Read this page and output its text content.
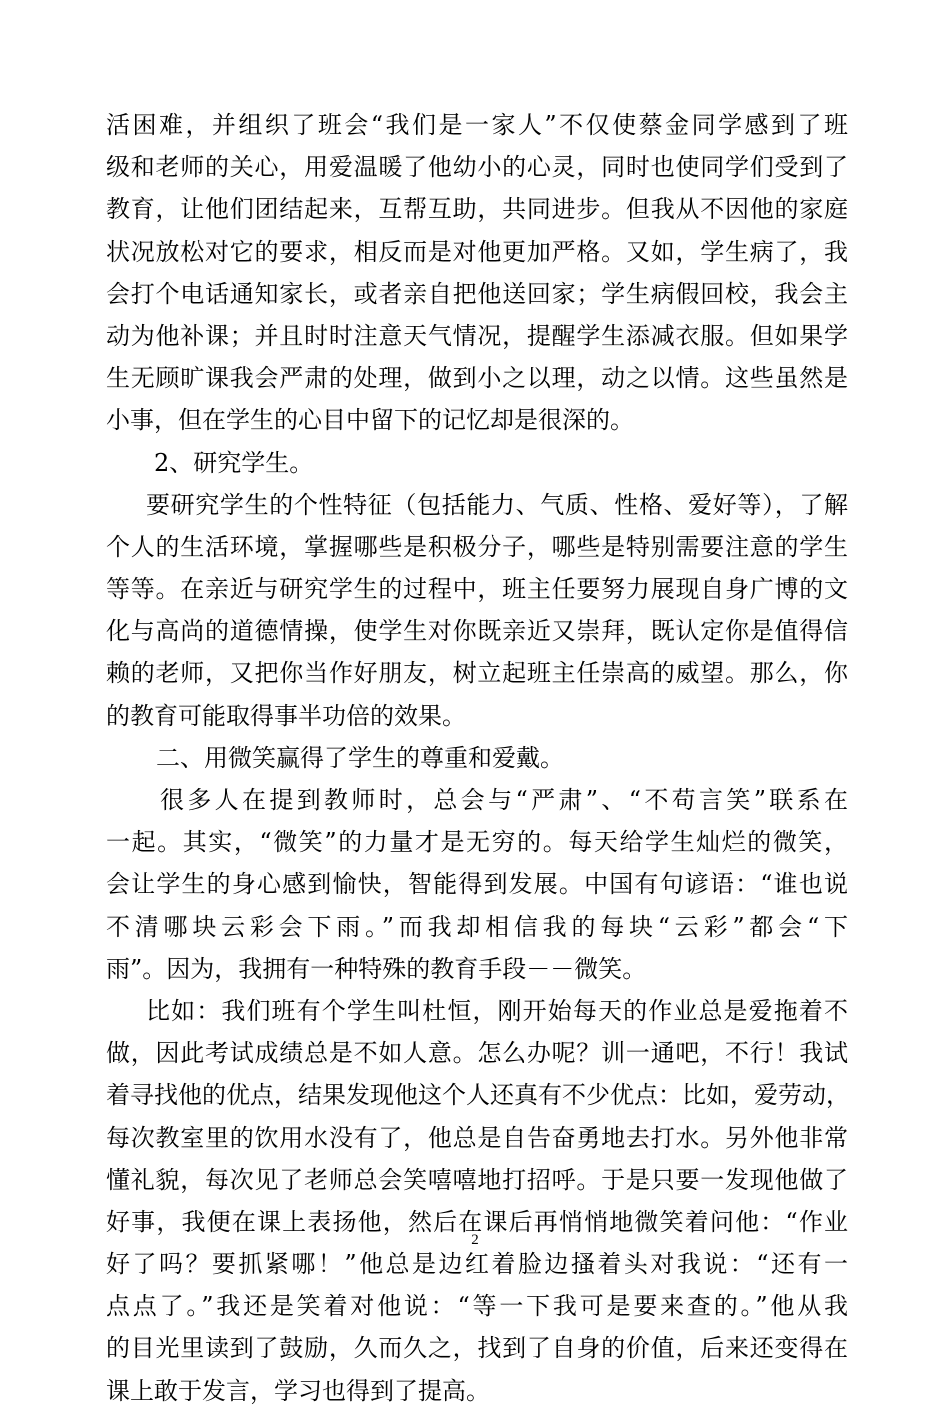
活困难，并组织了班会“我们是一家人”不仅使蔡金同学感到了班
级和老师的关心，用爱温暖了他幼小的心灵，同时也使同学们受到了
教育，让他们团结起来，互帮互助，共同进步。但我从不因他的家庭
状况放松对它的要求，相反而是对他更加严格。又如，学生病了，我
会打个电话通知家长，或者亲自把他送回家；学生病假回校，我会主
动为他补课；并且时时注意天气情况，提醒学生添减衣服。但如果学
生无顾旷课我会严肃的处理，做到小之以理，动之以情。这些虽然是
小事，但在学生的心目中留下的记忆却是很深的。
2、研究学生。
要研究学生的个性特征（包括能力、气质、性格、爱好等），了解
个人的生活环境，掌握哪些是积极分子，哪些是特别需要注意的学生
等等。在亲近与研究学生的过程中，班主任要努力展现自身广博的文
化与高尚的道德情操，使学生对你既亲近又崇拜，既认定你是值得信
赖的老师，又把你当作好朋友，树立起班主任崇高的威望。那么，你
的教育可能取得事半功倍的效果。
二、用微笑赢得了学生的尊重和爱戴。
很多人在提到教师时，总会与“严肃”、“不苟言笑”联系在
一起。其实，“微笑”的力量才是无穷的。每天给学生灿烂的微笑，
会让学生的身心感到愉快，智能得到发展。中国有句谚语：“谁也说
不清哪块云彩会下雨。”而我却相信我的每块“云彩”都会“下
雨”。因为，我拥有一种特殊的教育手段－－微笑。
比如：我们班有个学生叫杜恒，刚开始每天的作业总是爱拖着不
做，因此考试成绩总是不如人意。怎么办呢？训一通吧，不行！我试
着寻找他的优点，结果发现他这个人还真有不少优点：比如，爱劳动，
每次教室里的饮用水没有了，他总是自告奋勇地去打水。另外他非常
懂礼貌，每次见了老师总会笑嘻嘻地打招呼。于是只要一发现他做了
好事，我便在课上表扬他，然后在课后再悄悄地微笑着问他：“作业
好了吗？要抓紧哪！”他总是边红着脸边搔着头对我说：“还有一
点点了。”我还是笑着对他说：“等一下我可是要来查的。”他从我
的目光里读到了鼓励，久而久之，找到了自身的价值，后来还变得在
课上敢于发言，学习也得到了提高。
2
